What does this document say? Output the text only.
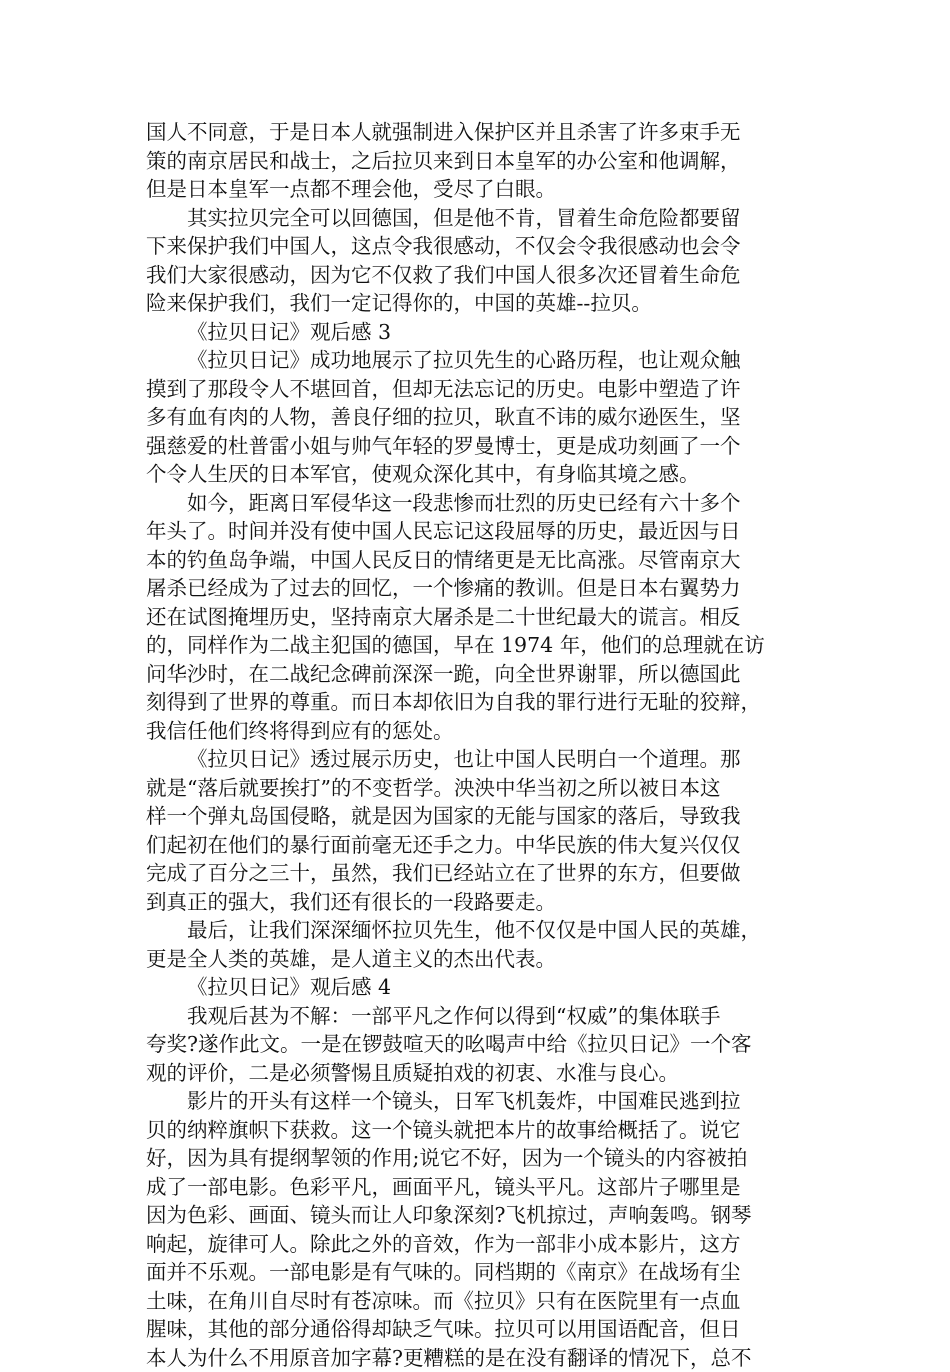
国人不同意，于是日本人就强制进入保护区并且杀害了许多束手无
策的南京居民和战士，之后拉贝来到日本皇军的办公室和他调解，
但是日本皇军一点都不理会他，受尽了白眼。
其实拉贝完全可以回德国，但是他不肯，冒着生命危险都要留
下来保护我们中国人，这点令我很感动，不仅会令我很感动也会令
我们大家很感动，因为它不仅救了我们中国人很多次还冒着生命危
险来保护我们，我们一定记得你的，中国的英雄--拉贝。
《拉贝日记》观后感 3
《拉贝日记》成功地展示了拉贝先生的心路历程，也让观众触
摸到了那段令人不堪回首，但却无法忘记的历史。电影中塑造了许
多有血有肉的人物，善良仔细的拉贝，耿直不讳的威尔逊医生，坚
强慈爱的杜普雷小姐与帅气年轻的罗曼博士，更是成功刻画了一个
个令人生厌的日本军官，使观众深化其中，有身临其境之感。
如今，距离日军侵华这一段悲惨而壮烈的历史已经有六十多个
年头了。时间并没有使中国人民忘记这段屈辱的历史，最近因与日
本的钓鱼岛争端，中国人民反日的情绪更是无比高涨。尽管南京大
屠杀已经成为了过去的回忆，一个惨痛的教训。但是日本右翼势力
还在试图掩埋历史，坚持南京大屠杀是二十世纪最大的谎言。相反
的，同样作为二战主犯国的德国，早在 1974 年，他们的总理就在访
问华沙时，在二战纪念碑前深深一跪，向全世界谢罪，所以德国此
刻得到了世界的尊重。而日本却依旧为自我的罪行进行无耻的狡辩，
我信任他们终将得到应有的惩处。
《拉贝日记》透过展示历史，也让中国人民明白一个道理。那
就是“落后就要挨打”的不变哲学。泱泱中华当初之所以被日本这
样一个弹丸岛国侵略，就是因为国家的无能与国家的落后，导致我
们起初在他们的暴行面前毫无还手之力。中华民族的伟大复兴仅仅
完成了百分之三十，虽然，我们已经站立在了世界的东方，但要做
到真正的强大，我们还有很长的一段路要走。
最后，让我们深深缅怀拉贝先生，他不仅仅是中国人民的英雄，
更是全人类的英雄，是人道主义的杰出代表。
《拉贝日记》观后感 4
我观后甚为不解：一部平凡之作何以得到“权威”的集体联手
夸奖?遂作此文。一是在锣鼓喧天的吆喝声中给《拉贝日记》一个客
观的评价，二是必须警惕且质疑拍戏的初衷、水准与良心。
影片的开头有这样一个镜头，日军飞机轰炸，中国难民逃到拉
贝的纳粹旗帜下获救。这一个镜头就把本片的故事给概括了。说它
好，因为具有提纲挈领的作用;说它不好，因为一个镜头的内容被拍
成了一部电影。色彩平凡，画面平凡，镜头平凡。这部片子哪里是
因为色彩、画面、镜头而让人印象深刻?飞机掠过，声响轰鸣。钢琴
响起，旋律可人。除此之外的音效，作为一部非小成本影片，这方
面并不乐观。一部电影是有气味的。同档期的《南京》在战场有尘
土味，在角川自尽时有苍凉味。而《拉贝》只有在医院里有一点血
腥味，其他的部分通俗得却缺乏气味。拉贝可以用国语配音，但日
本人为什么不用原音加字幕?更糟糕的是在没有翻译的情况下，总不
